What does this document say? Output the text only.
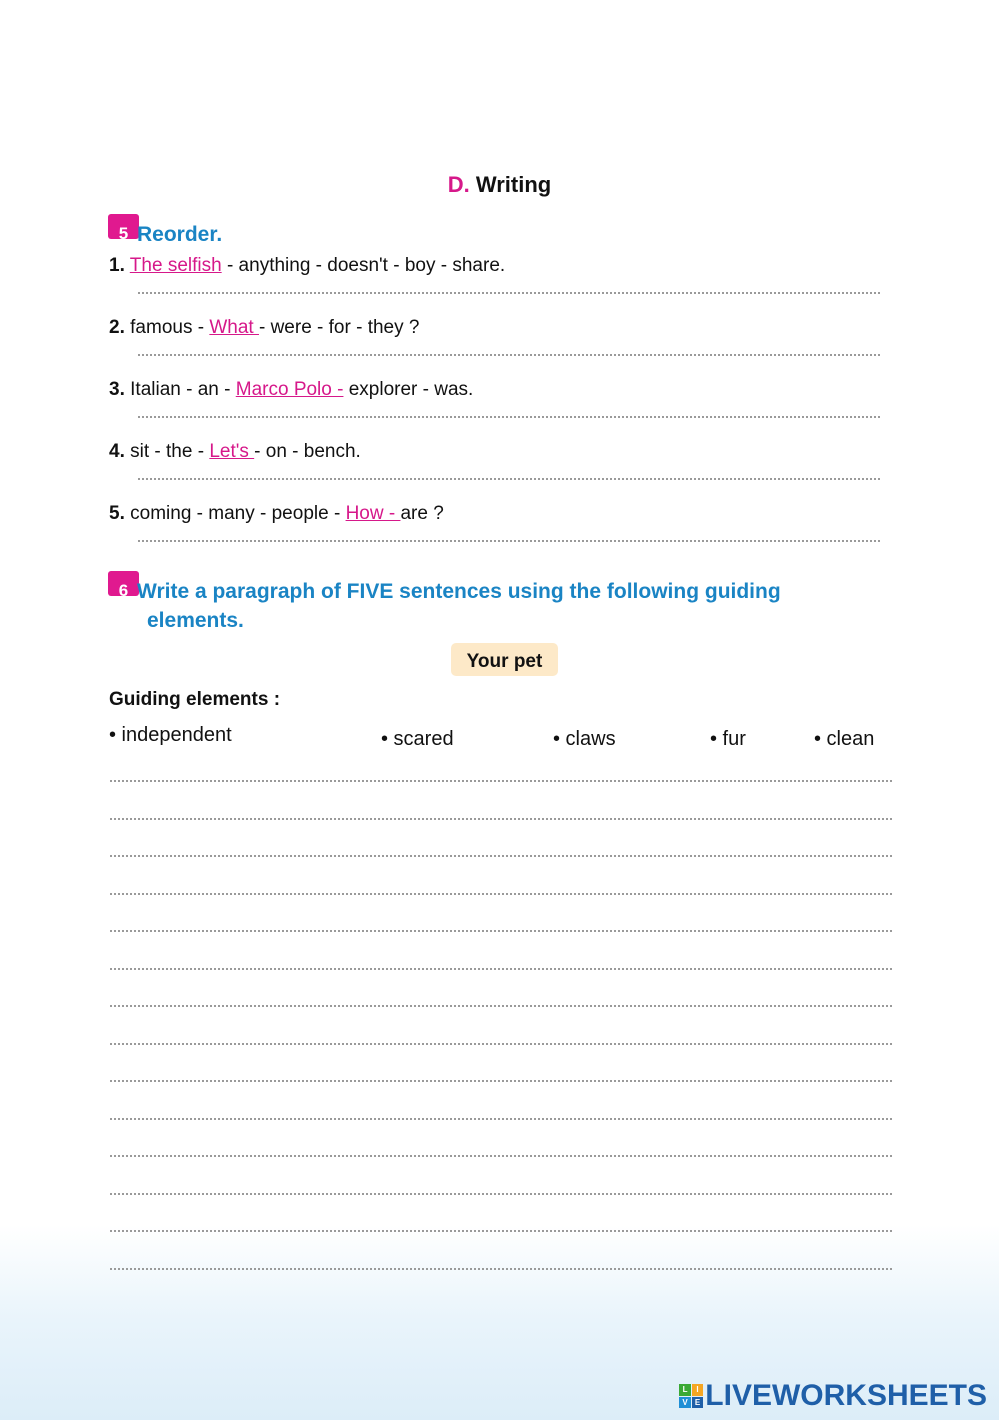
D. Writing
5 Reorder.
1. The selfish - anything - doesn't - boy - share.
2. famous - What - were - for - they ?
3. Italian - an - Marco Polo - explorer - was.
4. sit - the - Let's - on - bench.
5. coming - many - people - How - are ?
6 Write a paragraph of FIVE sentences using the following guiding
elements.
Your pet
Guiding elements :
• independent	• scared	• claws	• fur	• clean
L	I
V E LIVEWORKSHEETS
